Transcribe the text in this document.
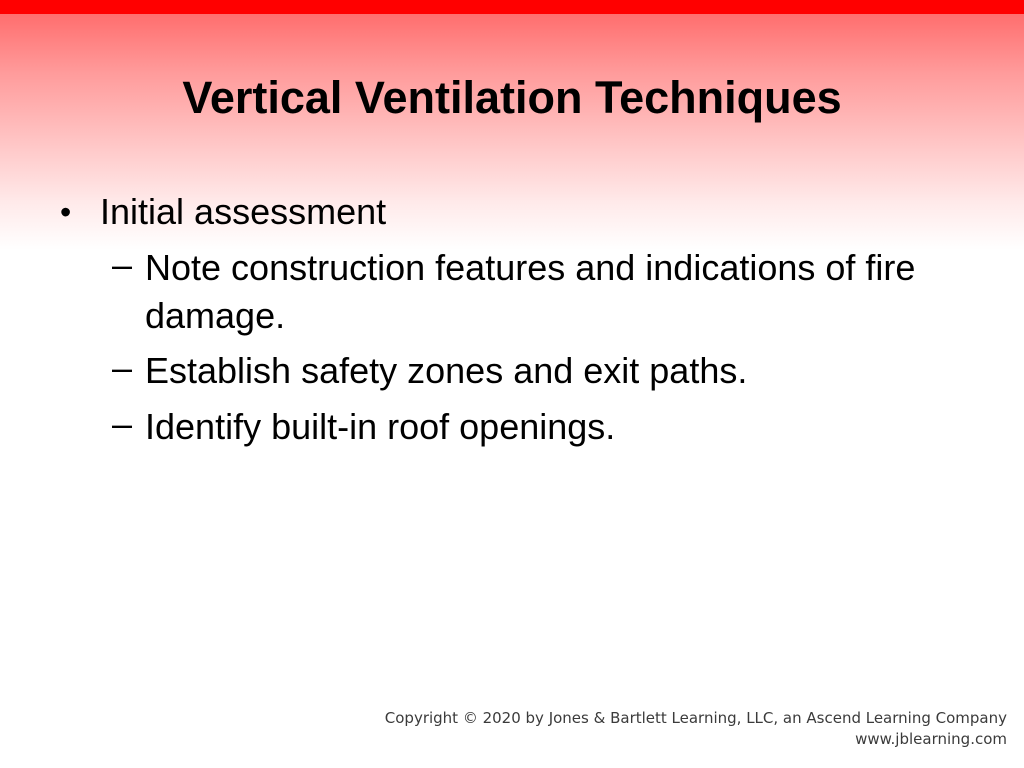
Vertical Ventilation Techniques
• Initial assessment
– Note construction features and indications of fire damage.
– Establish safety zones and exit paths.
– Identify built-in roof openings.
Copyright © 2020 by Jones & Bartlett Learning, LLC, an Ascend Learning Company
www.jblearning.com
